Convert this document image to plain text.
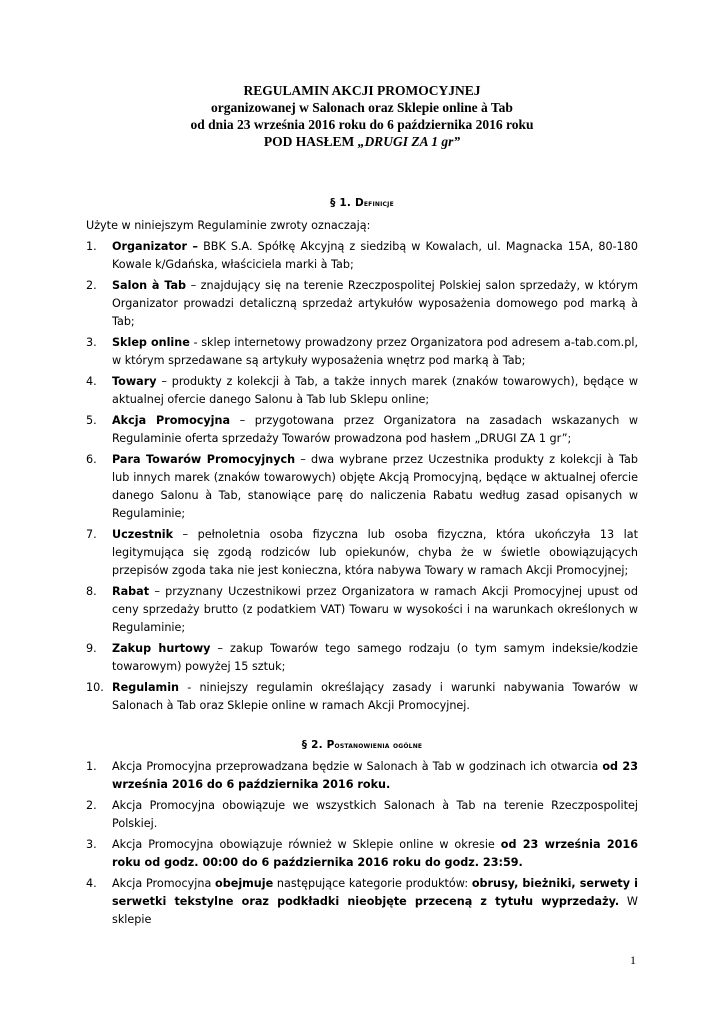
REGULAMIN AKCJI PROMOCYJNEJ
organizowanej w Salonach oraz Sklepie online à Tab
od dnia 23 września 2016 roku do 6 października 2016 roku
POD HASŁEM „DRUGI ZA 1 gr”
§ 1. Definicje
Użyte w niniejszym Regulaminie zwroty oznaczają:
1. Organizator – BBK S.A. Spółkę Akcyjną z siedzibą w Kowalach, ul. Magnacka 15A, 80-180 Kowale k/Gdańska, właściciela marki à Tab;
2. Salon à Tab – znajdujący się na terenie Rzeczpospolitej Polskiej salon sprzedaży, w którym Organizator prowadzi detaliczną sprzedaż artykułów wyposażenia domowego pod marką à Tab;
3. Sklep online - sklep internetowy prowadzony przez Organizatora pod adresem a-tab.com.pl, w którym sprzedawane są artykuły wyposażenia wnętrz pod marką à Tab;
4. Towary – produkty z kolekcji à Tab, a także innych marek (znaków towarowych), będące w aktualnej ofercie danego Salonu à Tab lub Sklepu online;
5. Akcja Promocyjna – przygotowana przez Organizatora na zasadach wskazanych w Regulaminie oferta sprzedaży Towarów prowadzona pod hasłem „DRUGI ZA 1 gr”;
6. Para Towarów Promocyjnych – dwa wybrane przez Uczestnika produkty z kolekcji à Tab lub innych marek (znaków towarowych) objęte Akcją Promocyjną, będące w aktualnej ofercie danego Salonu à Tab, stanowiące parę do naliczenia Rabatu według zasad opisanych w Regulaminie;
7. Uczestnik – pełnoletnia osoba fizyczna lub osoba fizyczna, która ukończyła 13 lat legitymująca się zgodą rodziców lub opiekunów, chyba że w świetle obowiązujących przepisów zgoda taka nie jest konieczna, która nabywa Towary w ramach Akcji Promocyjnej;
8. Rabat – przyznany Uczestnikowi przez Organizatora w ramach Akcji Promocyjnej upust od ceny sprzedaży brutto (z podatkiem VAT) Towaru w wysokości i na warunkach określonych w Regulaminie;
9. Zakup hurtowy – zakup Towarów tego samego rodzaju (o tym samym indeksie/kodzie towarowym) powyżej 15 sztuk;
10. Regulamin - niniejszy regulamin określający zasady i warunki nabywania Towarów w Salonach à Tab oraz Sklepie online w ramach Akcji Promocyjnej.
§ 2. Postanowienia ogólne
1. Akcja Promocyjna przeprowadzana będzie w Salonach à Tab w godzinach ich otwarcia od 23 września 2016 do 6 października 2016 roku.
2. Akcja Promocyjna obowiązuje we wszystkich Salonach à Tab na terenie Rzeczpospolitej Polskiej.
3. Akcja Promocyjna obowiązuje również w Sklepie online w okresie od 23 września 2016 roku od godz. 00:00 do 6 października 2016 roku do godz. 23:59.
4. Akcja Promocyjna obejmuje następujące kategorie produktów: obrusy, bieżniki, serwety i serwetki tekstylne oraz podkładki nieobjęte przeceną z tytułu wyprzedaży. W sklepie
1
